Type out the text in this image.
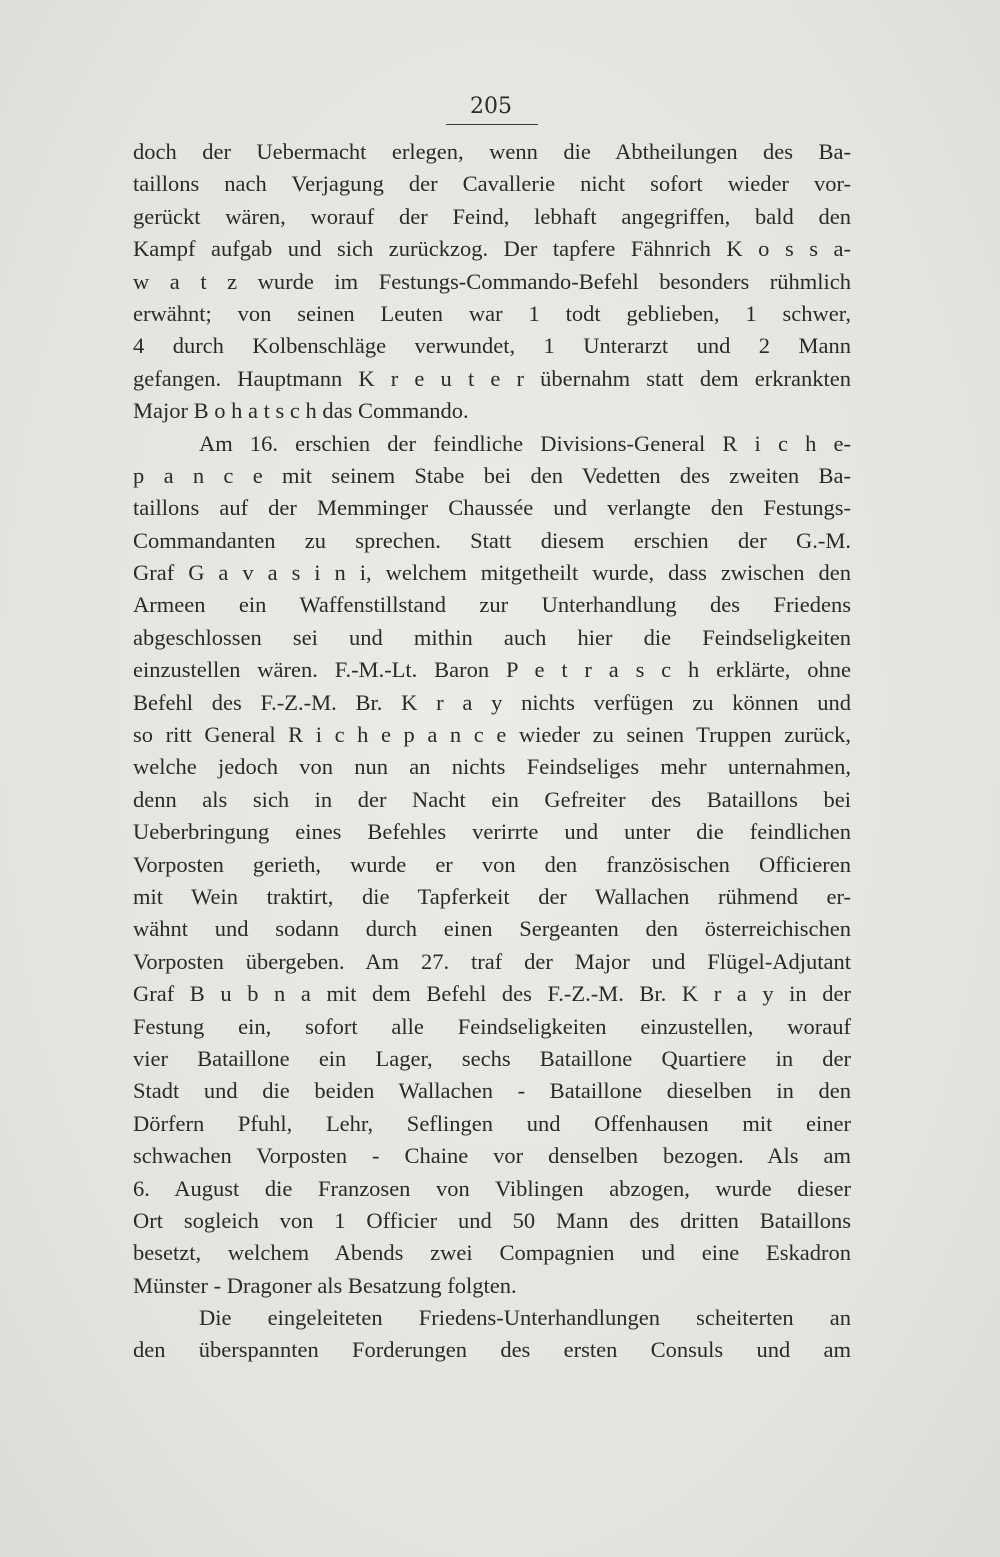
205
doch der Uebermacht erlegen, wenn die Abtheilungen des Ba-
taillons nach Verjagung der Cavallerie nicht sofort wieder vor-
gerückt wären, worauf der Feind, lebhaft angegriffen, bald den
Kampf aufgab und sich zurückzog. Der tapfere Fähnrich K o s s a-
w a t z wurde im Festungs-Commando-Befehl besonders rühmlich
erwähnt; von seinen Leuten war 1 todt geblieben, 1 schwer,
4 durch Kolbenschläge verwundet, 1 Unterarzt und 2 Mann
gefangen. Hauptmann K r e u t e r übernahm statt dem erkrankten
Major B o h a t s c h das Commando.
Am 16. erschien der feindliche Divisions-General R i c h e-
p a n c e mit seinem Stabe bei den Vedetten des zweiten Ba-
taillons auf der Memminger Chaussée und verlangte den Festungs-
Commandanten zu sprechen. Statt diesem erschien der G.-M.
Graf G a v a s i n i, welchem mitgetheilt wurde, dass zwischen den
Armeen ein Waffenstillstand zur Unterhandlung des Friedens
abgeschlossen sei und mithin auch hier die Feindseligkeiten
einzustellen wären. F.-M.-Lt. Baron P e t r a s c h erklärte, ohne
Befehl des F.-Z.-M. Br. K r a y nichts verfügen zu können und
so ritt General R i c h e p a n c e wieder zu seinen Truppen zurück,
welche jedoch von nun an nichts Feindseliges mehr unternahmen,
denn als sich in der Nacht ein Gefreiter des Bataillons bei
Ueberbringung eines Befehles verirrte und unter die feindlichen
Vorposten gerieth, wurde er von den französischen Officieren
mit Wein traktirt, die Tapferkeit der Wallachen rühmend er-
wähnt und sodann durch einen Sergeanten den österreichischen
Vorposten übergeben. Am 27. traf der Major und Flügel-Adjutant
Graf B u b n a mit dem Befehl des F.-Z.-M. Br. K r a y in der
Festung ein, sofort alle Feindseligkeiten einzustellen, worauf
vier Bataillone ein Lager, sechs Bataillone Quartiere in der
Stadt und die beiden Wallachen - Bataillone dieselben in den
Dörfern Pfuhl, Lehr, Seflingen und Offenhausen mit einer
schwachen Vorposten - Chaine vor denselben bezogen. Als am
6. August die Franzosen von Viblingen abzogen, wurde dieser
Ort sogleich von 1 Officier und 50 Mann des dritten Bataillons
besetzt, welchem Abends zwei Compagnien und eine Eskadron
Münster - Dragoner als Besatzung folgten.
Die eingeleiteten Friedens-Unterhandlungen scheiterten an
den überspannten Forderungen des ersten Consuls und am
